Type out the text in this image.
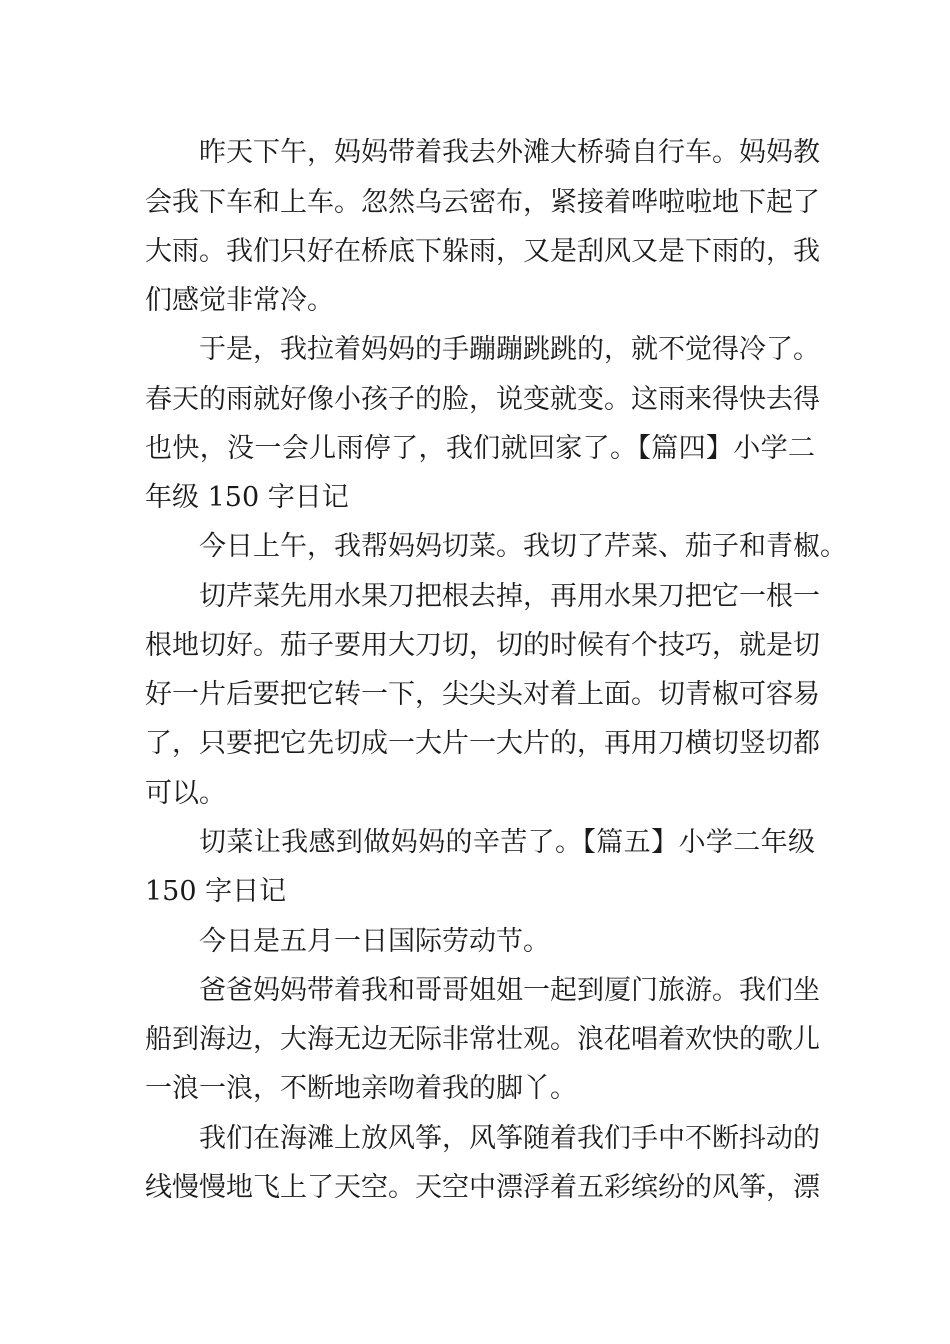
昨天下午，妈妈带着我去外滩大桥骑自行车。妈妈教
会我下车和上车。忽然乌云密布，紧接着哗啦啦地下起了
大雨。我们只好在桥底下躲雨，又是刮风又是下雨的，我
们感觉非常冷。
于是，我拉着妈妈的手蹦蹦跳跳的，就不觉得冷了。
春天的雨就好像小孩子的脸，说变就变。这雨来得快去得
也快，没一会儿雨停了，我们就回家了。【篇四】小学二
年级 150 字日记
今日上午，我帮妈妈切菜。我切了芹菜、茄子和青椒。
切芹菜先用水果刀把根去掉，再用水果刀把它一根一
根地切好。茄子要用大刀切，切的时候有个技巧，就是切
好一片后要把它转一下，尖尖头对着上面。切青椒可容易
了，只要把它先切成一大片一大片的，再用刀横切竖切都
可以。
切菜让我感到做妈妈的辛苦了。【篇五】小学二年级
150 字日记
今日是五月一日国际劳动节。
爸爸妈妈带着我和哥哥姐姐一起到厦门旅游。我们坐
船到海边，大海无边无际非常壮观。浪花唱着欢快的歌儿
一浪一浪，不断地亲吻着我的脚丫。
我们在海滩上放风筝，风筝随着我们手中不断抖动的
线慢慢地飞上了天空。天空中漂浮着五彩缤纷的风筝，漂
